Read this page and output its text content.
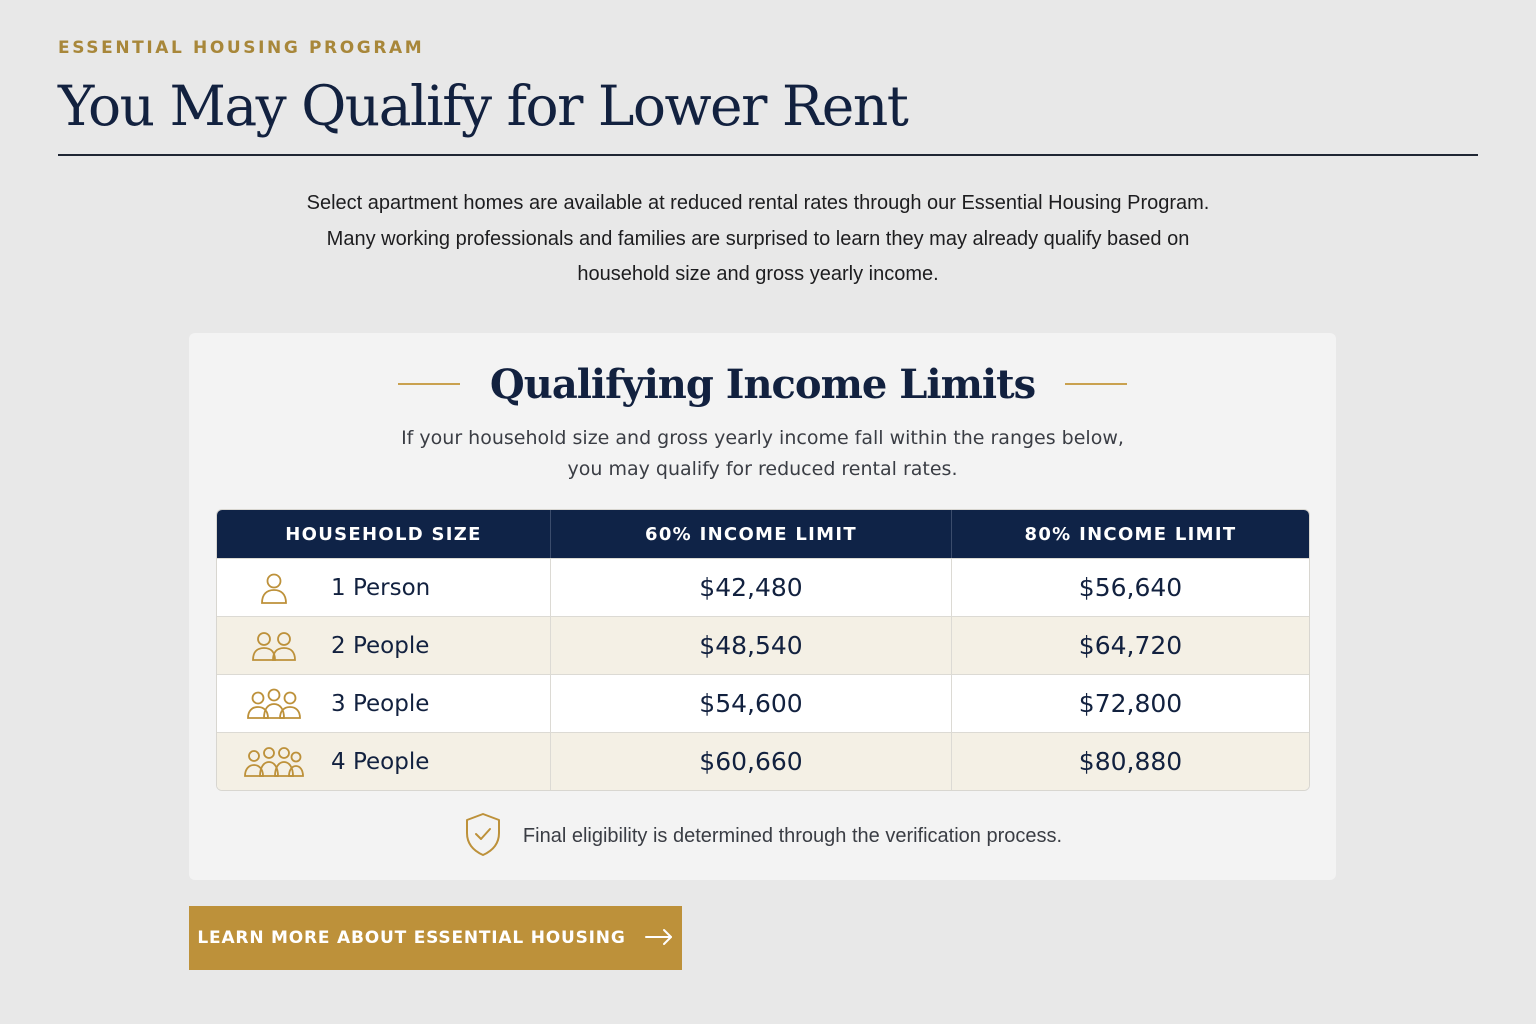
ESSENTIAL HOUSING PROGRAM
You May Qualify for Lower Rent
Select apartment homes are available at reduced rental rates through our Essential Housing Program.
Many working professionals and families are surprised to learn they may already qualify based on
household size and gross yearly income.
Qualifying Income Limits
If your household size and gross yearly income fall within the ranges below,
you may qualify for reduced rental rates.
HOUSEHOLD SIZE	60% INCOME LIMIT	80% INCOME LIMIT
1 Person	$42,480	$56,640
2 People	$48,540	$64,720
3 People	$54,600	$72,800
4 People	$60,660	$80,880
Final eligibility is determined through the verification process.
LEARN MORE ABOUT ESSENTIAL HOUSING
